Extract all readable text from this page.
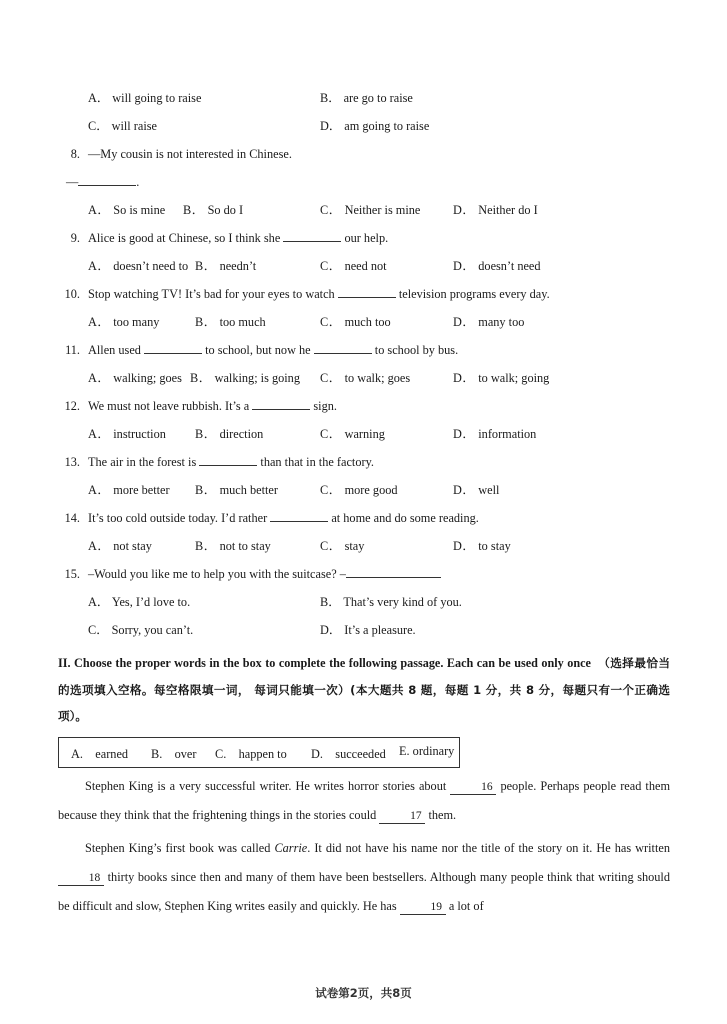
A． will going to raise	B． are go to raise
C． will raise	D． am going to raise
8. —My cousin is not interested in Chinese.
—	.
A． So is mine B． So do I	C． Neither is mine	D． Neither do I
9. Alice is good at Chinese, so I think she	our help.
A． doesn’t need to B． needn’t	C． need not	D． doesn’t need
10. Stop watching TV! It’s bad for your eyes to watch	television programs every day.
A． too many	B． too much	C． much too	D． many too
11. Allen used	to school, but now he	to school by bus.
A． walking; goes B． walking; is going C． to walk; goes	D． to walk; going
12. We must not leave rubbish. It’s a	sign.
A． instruction B． direction	C． warning	D． information
13. The air in the forest is	than that in the factory.
A． more better B． much better	C． more good	D． well
14. It’s too cold outside today. I’d rather	at home and do some reading.
A． not stay	B． not to stay	C． stay	D． to stay
15. –Would you like me to help you with the suitcase? –
A． Yes, I’d love to.	B． That’s very kind of you.
C． Sorry, you can’t.	D． It’s a pleasure.
II. Choose the proper words in the box to complete the following passage. Each can be used only once　 （选择最恰当的选项填入空格。每空格限填一词， 每词只能填一次）(本大题共 8 题，每题 1 分，共 8 分，每题只有一个正确选项）。
A.　 earned B.　 over C.　 happen to D.　 succeeded E. ordinary
Stephen King is a very successful writer. He writes horror stories about	16 people. Perhaps people read them because they think that the frightening things in the stories could	17 them.
Stephen King’s first book was called Carrie. It did not have his name nor the title of the story on it. He has written 18 thirty books since then and many of them have been bestsellers. Although many people think that writing should be difficult and slow, Stephen King writes easily and quickly. He has	19 a lot of
试卷第2页，共8页
